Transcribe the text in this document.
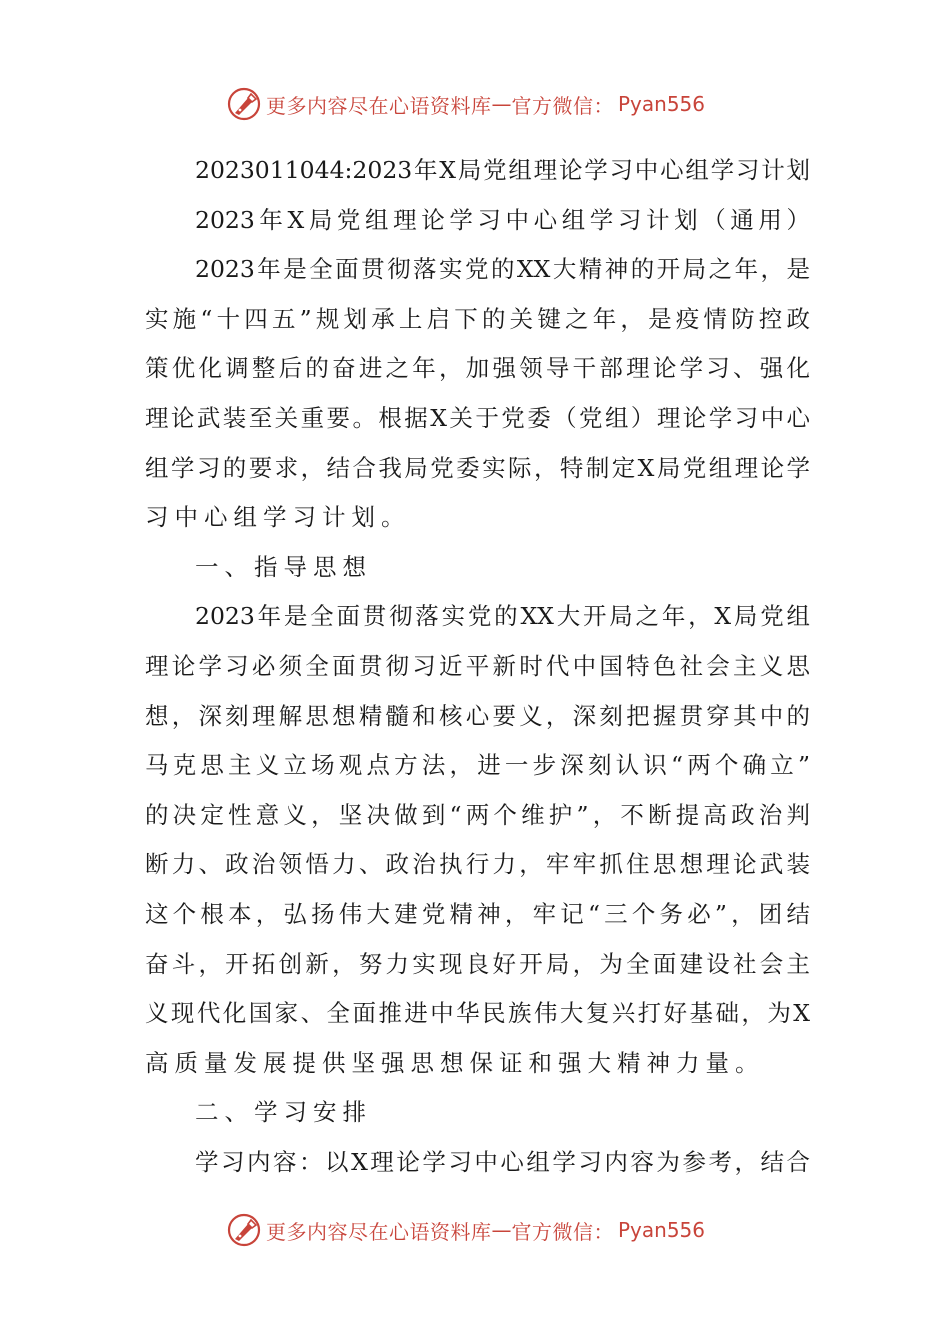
更多内容尽在心语资料库 — 官方微信： Pyan556
2023011044:2023年X局党组理论学习中心组学习计划
2023年X局党组理论学习中心组学习计划（通用）
2023年是全面贯彻落实党的XX大精神的开局之年，是
实施“十四五”规划承上启下的关键之年，是疫情防控政
策优化调整后的奋进之年，加强领导干部理论学习、强化
理论武装至关重要。根据X关于党委（党组）理论学习中心
组学习的要求，结合我局党委实际，特制定X局党组理论学
习中心组学习计划。
一、指导思想
2023年是全面贯彻落实党的XX大开局之年，X局党组
理论学习必须全面贯彻习近平新时代中国特色社会主义思
想，深刻理解思想精髓和核心要义，深刻把握贯穿其中的
马克思主义立场观点方法，进一步深刻认识“两个确立”
的决定性意义，坚决做到“两个维护”，不断提高政治判
断力、政治领悟力、政治执行力，牢牢抓住思想理论武装
这个根本，弘扬伟大建党精神，牢记“三个务必”，团结
奋斗，开拓创新，努力实现良好开局，为全面建设社会主
义现代化国家、全面推进中华民族伟大复兴打好基础，为X
高质量发展提供坚强思想保证和强大精神力量。
二、学习安排
学习内容：以X理论学习中心组学习内容为参考，结合
更多内容尽在心语资料库 — 官方微信： Pyan556
